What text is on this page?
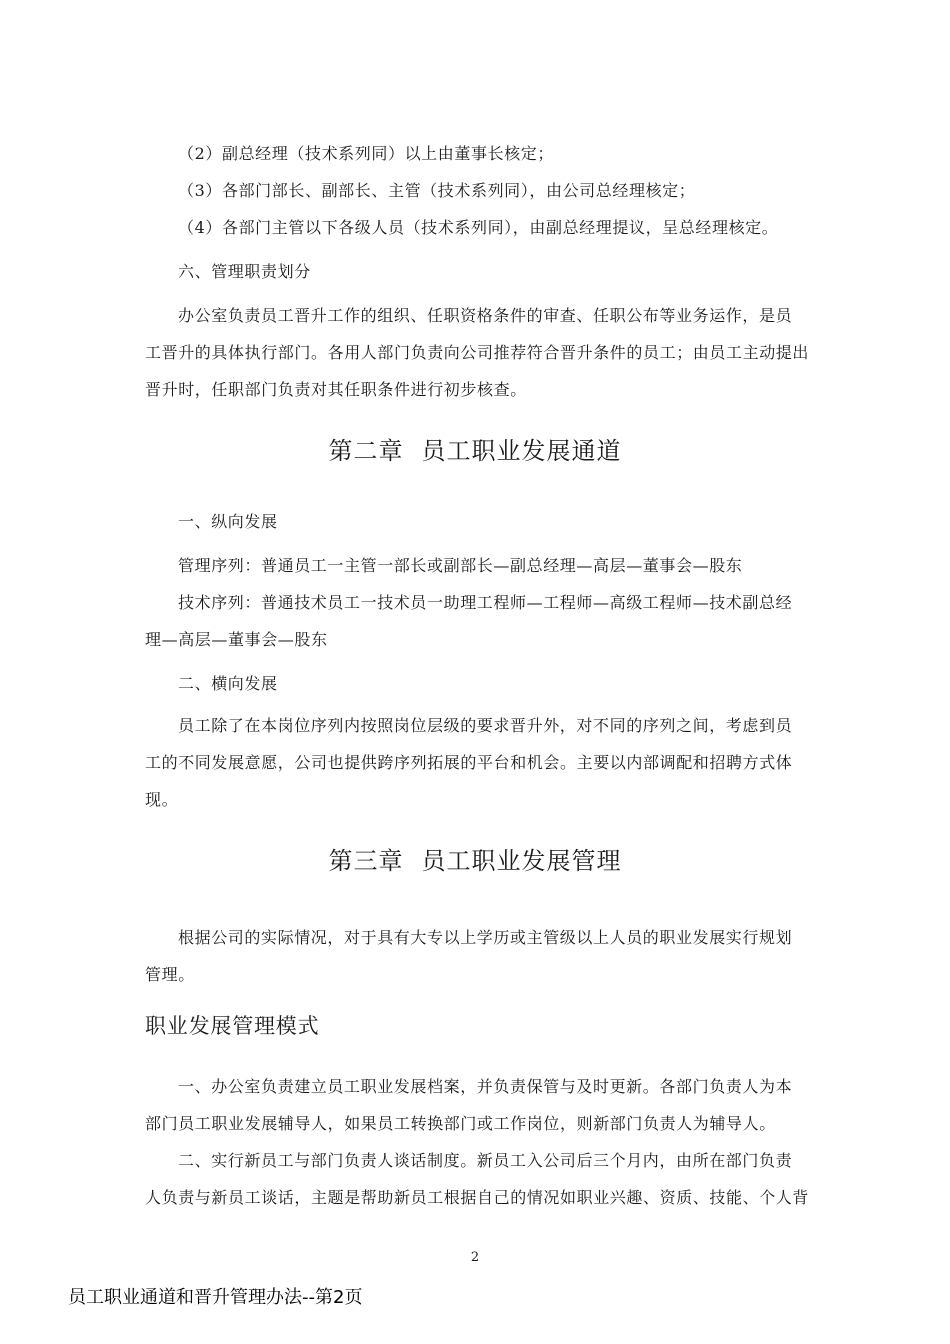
（2）副总经理（技术系列同）以上由董事长核定；
（3）各部门部长、副部长、主管（技术系列同），由公司总经理核定；
（4）各部门主管以下各级人员（技术系列同），由副总经理提议，呈总经理核定。
六、管理职责划分
办公室负责员工晋升工作的组织、任职资格条件的审查、任职公布等业务运作，是员
工晋升的具体执行部门。各用人部门负责向公司推荐符合晋升条件的员工；由员工主动提出
晋升时，任职部门负责对其任职条件进行初步核查。
第二章 员工职业发展通道
一、纵向发展
管理序列：普通员工一主管一部长或副部长—副总经理—高层—董事会—股东
技术序列：普通技术员工一技术员一助理工程师—工程师—高级工程师—技术副总经
理—高层—董事会—股东
二、横向发展
员工除了在本岗位序列内按照岗位层级的要求晋升外，对不同的序列之间，考虑到员
工的不同发展意愿，公司也提供跨序列拓展的平台和机会。主要以内部调配和招聘方式体
现。
第三章 员工职业发展管理
根据公司的实际情况，对于具有大专以上学历或主管级以上人员的职业发展实行规划
管理。
职业发展管理模式
一、办公室负责建立员工职业发展档案，并负责保管与及时更新。各部门负责人为本
部门员工职业发展辅导人，如果员工转换部门或工作岗位，则新部门负责人为辅导人。
二、实行新员工与部门负责人谈话制度。新员工入公司后三个月内，由所在部门负责
人负责与新员工谈话，主题是帮助新员工根据自己的情况如职业兴趣、资质、技能、个人背
2
员工职业通道和晋升管理办法--第2页
